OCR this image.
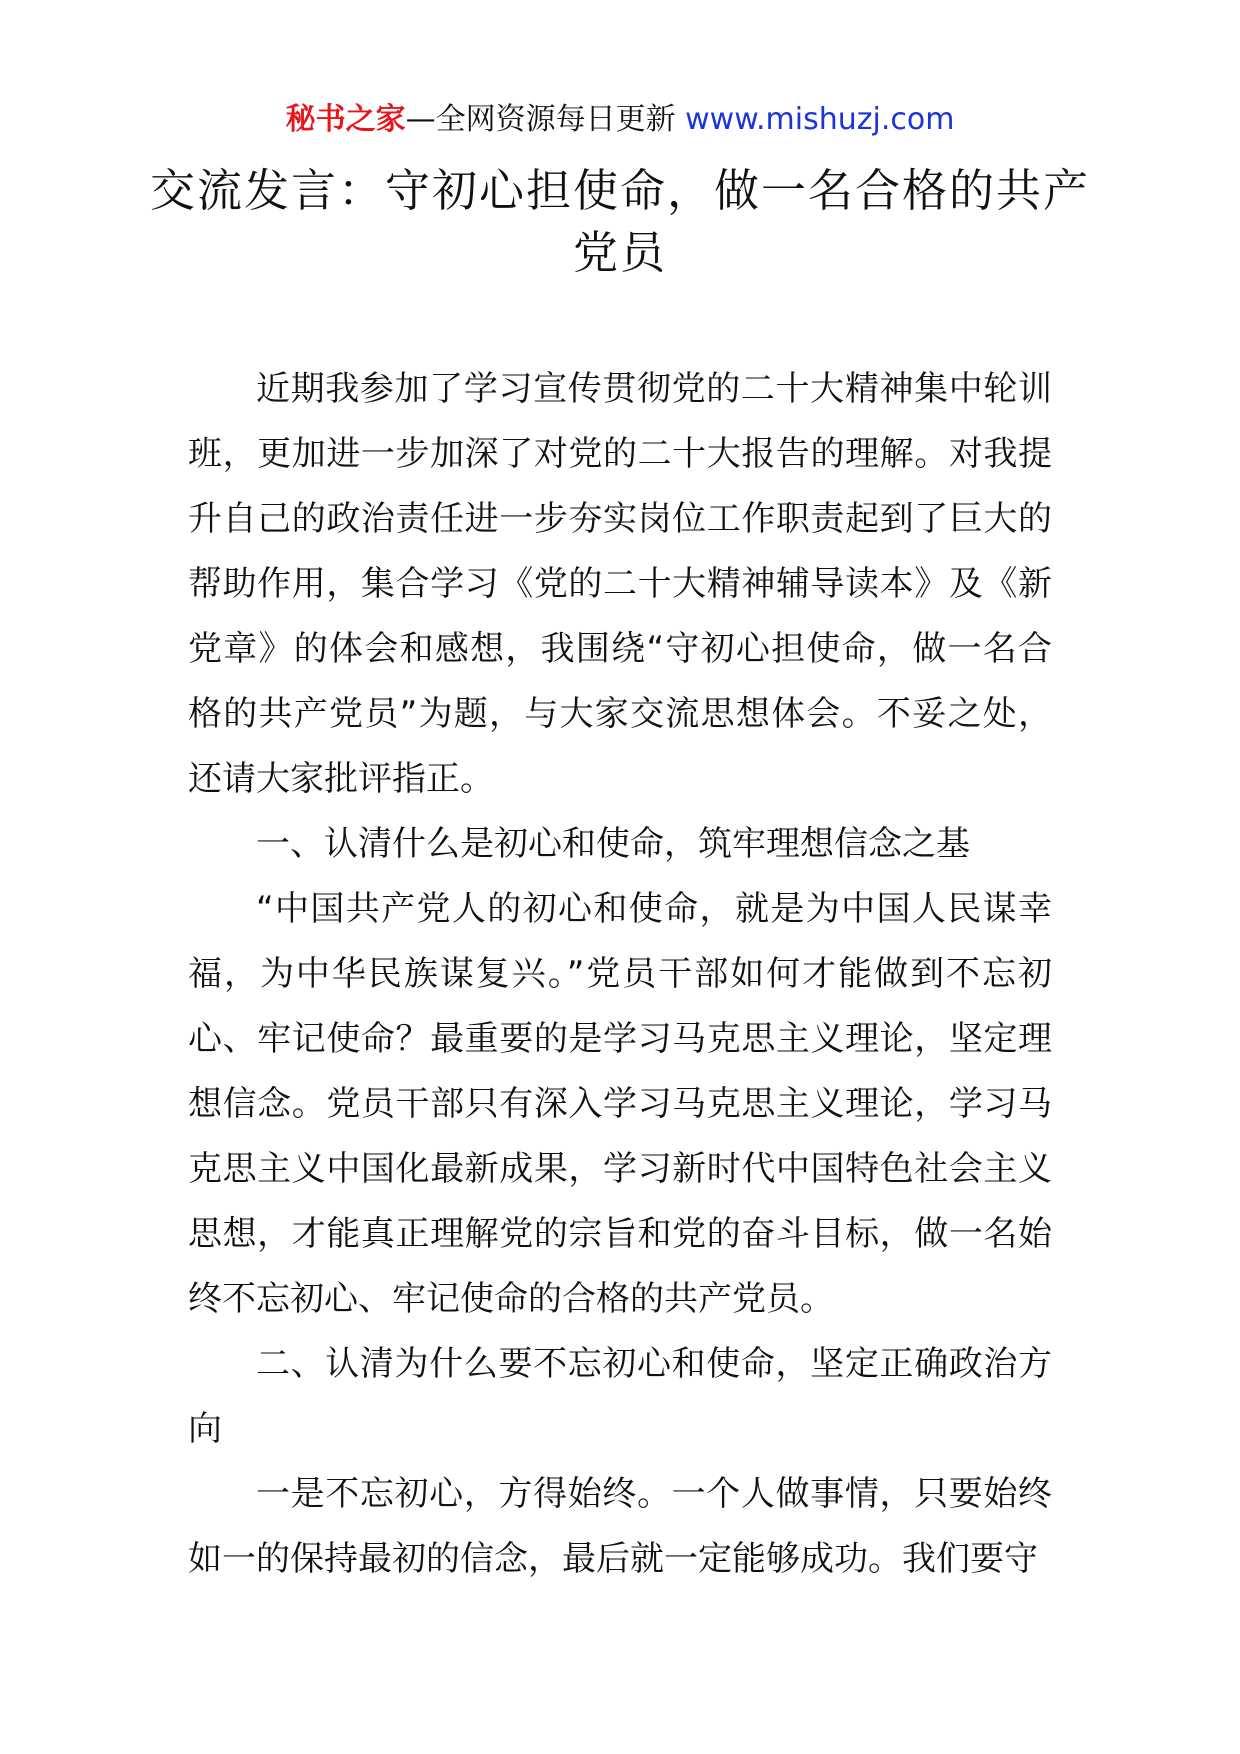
秘书之家—全网资源每日更新 www.mishuzj.com
交流发言：守初心担使命，做一名合格的共产党员

近期我参加了学习宣传贯彻党的二十大精神集中轮训班，更加进一步加深了对党的二十大报告的理解。对我提升自己的政治责任进一步夯实岗位工作职责起到了巨大的帮助作用，集合学习《党的二十大精神辅导读本》及《新党章》的体会和感想，我围绕“守初心担使命，做一名合格的共产党员”为题，与大家交流思想体会。不妥之处，还请大家批评指正。

一、认清什么是初心和使命，筑牢理想信念之基

“中国共产党人的初心和使命，就是为中国人民谋幸福，为中华民族谋复兴。”党员干部如何才能做到不忘初心、牢记使命？最重要的是学习马克思主义理论，坚定理想信念。党员干部只有深入学习马克思主义理论，学习马克思主义中国化最新成果，学习新时代中国特色社会主义思想，才能真正理解党的宗旨和党的奋斗目标，做一名始终不忘初心、牢记使命的合格的共产党员。

二、认清为什么要不忘初心和使命，坚定正确政治方向

一是不忘初心，方得始终。一个人做事情，只要始终如一的保持最初的信念，最后就一定能够成功。我们要守
